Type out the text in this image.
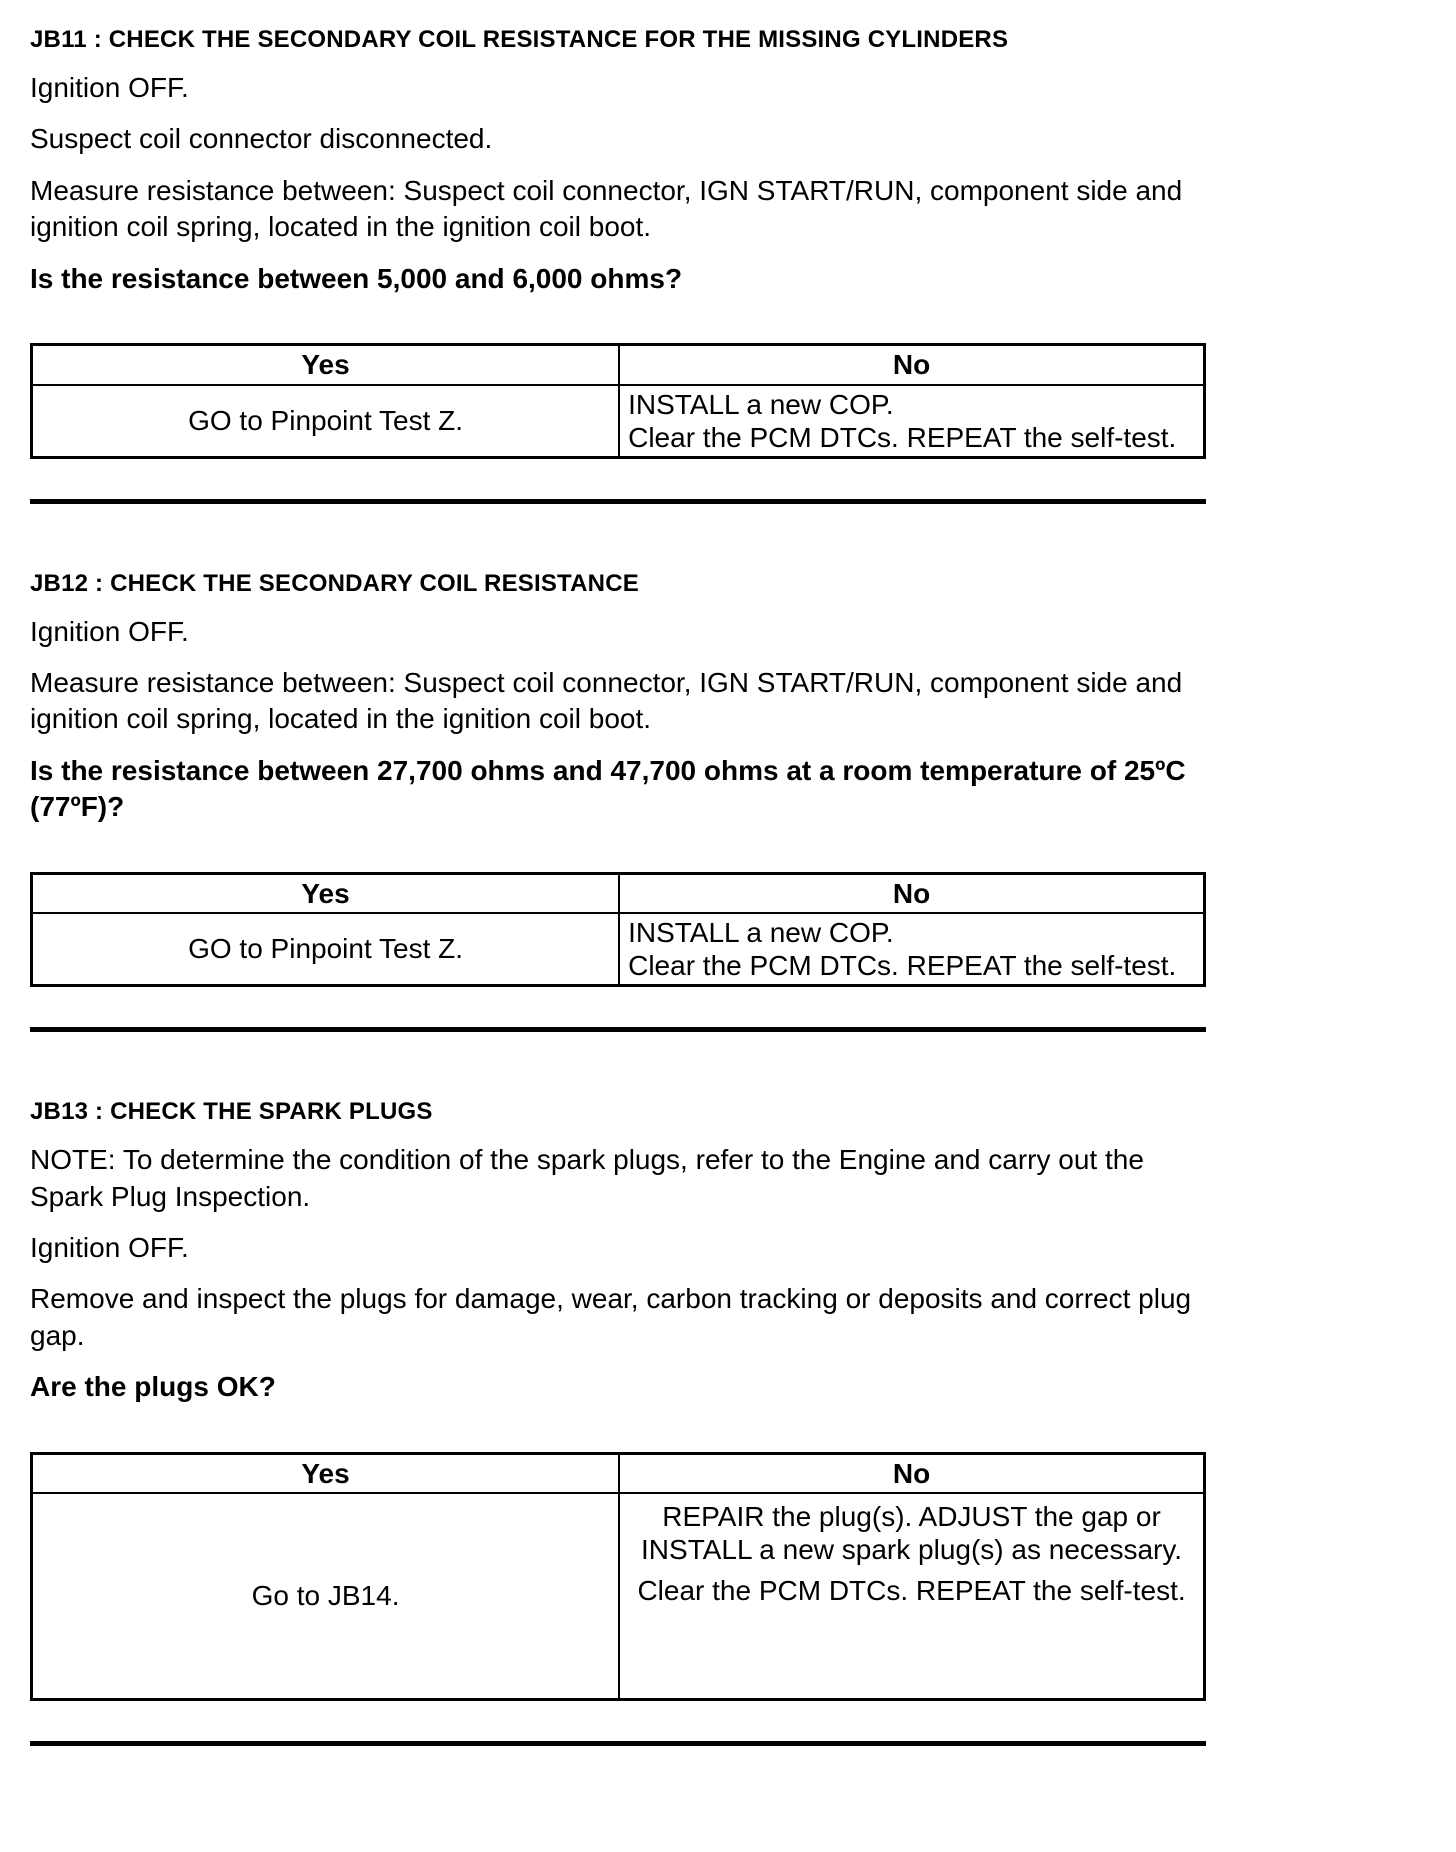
JB11 : CHECK THE SECONDARY COIL RESISTANCE FOR THE MISSING CYLINDERS

Ignition OFF.

Suspect coil connector disconnected.

Measure resistance between: Suspect coil connector, IGN START/RUN, component side and ignition coil spring, located in the ignition coil boot.

Is the resistance between 5,000 and 6,000 ohms?

Yes	No
GO to Pinpoint Test Z.	INSTALL a new COP.
Clear the PCM DTCs. REPEAT the self-test.
JB12 : CHECK THE SECONDARY COIL RESISTANCE

Ignition OFF.

Measure resistance between: Suspect coil connector, IGN START/RUN, component side and ignition coil spring, located in the ignition coil boot.

Is the resistance between 27,700 ohms and 47,700 ohms at a room temperature of 25ºC (77ºF)?

Yes	No
GO to Pinpoint Test Z.	INSTALL a new COP.
Clear the PCM DTCs. REPEAT the self-test.
JB13 : CHECK THE SPARK PLUGS

NOTE: To determine the condition of the spark plugs, refer to the Engine and carry out the Spark Plug Inspection.

Ignition OFF.

Remove and inspect the plugs for damage, wear, carbon tracking or deposits and correct plug gap.

Are the plugs OK?

Yes	No
Go to JB14.	REPAIR the plug(s). ADJUST the gap or INSTALL a new spark plug(s) as necessary.
Clear the PCM DTCs. REPEAT the self-test.
